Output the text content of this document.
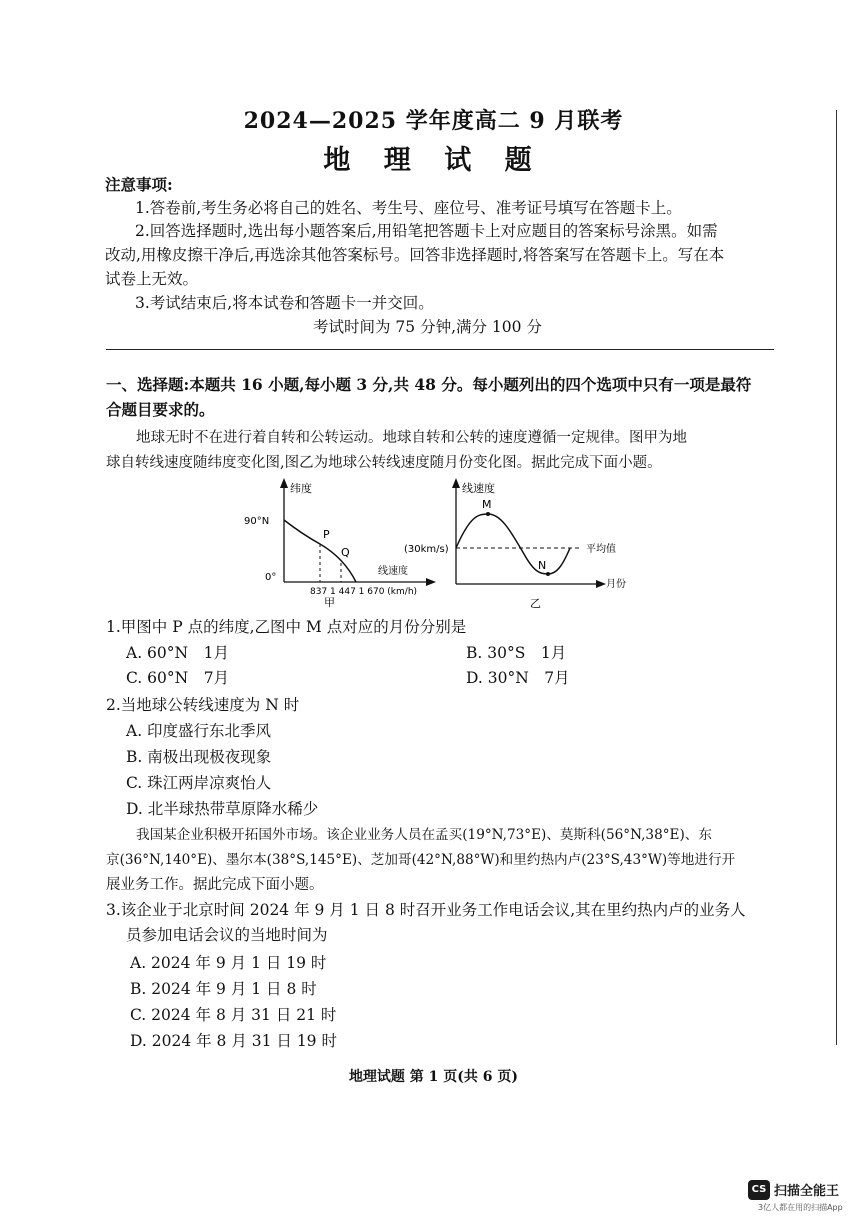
2024—2025 学年度高二 9 月联考
地 理 试 题
注意事项:
1.答卷前,考生务必将自己的姓名、考生号、座位号、准考证号填写在答题卡上。
2.回答选择题时,选出每小题答案后,用铅笔把答题卡上对应题目的答案标号涂黑。如需
改动,用橡皮擦干净后,再选涂其他答案标号。回答非选择题时,将答案写在答题卡上。写在本
试卷上无效。
3.考试结束后,将本试卷和答题卡一并交回。
考试时间为 75 分钟,满分 100 分
一、选择题:本题共 16 小题,每小题 3 分,共 48 分。每小题列出的四个选项中只有一项是最符
合题目要求的。
地球无时不在进行着自转和公转运动。地球自转和公转的速度遵循一定规律。图甲为地
球自转线速度随纬度变化图,图乙为地球公转线速度随月份变化图。据此完成下面小题。
纬度
90°N
0°
线速度
837 1 447 1 670 (km/h)
P
Q
甲
线速度
(30km/s)	平均值
月份
M
N
乙
1.甲图中 P 点的纬度,乙图中 M 点对应的月份分别是
A. 60°N　1月	B. 30°S　1月
C. 60°N　7月	D. 30°N　7月
2.当地球公转线速度为 N 时
A. 印度盛行东北季风
B. 南极出现极夜现象
C. 珠江两岸凉爽怡人
D. 北半球热带草原降水稀少
我国某企业积极开拓国外市场。该企业业务人员在孟买(19°N,73°E)、莫斯科(56°N,38°E)、东
京(36°N,140°E)、墨尔本(38°S,145°E)、芝加哥(42°N,88°W)和里约热内卢(23°S,43°W)等地进行开
展业务工作。据此完成下面小题。
3.该企业于北京时间 2024 年 9 月 1 日 8 时召开业务工作电话会议,其在里约热内卢的业务人
员参加电话会议的当地时间为
A. 2024 年 9 月 1 日 19 时
B. 2024 年 9 月 1 日 8 时
C. 2024 年 8 月 31 日 21 时
D. 2024 年 8 月 31 日 19 时
地理试题 第 1 页(共 6 页)
CS 扫描全能王
3亿人都在用的扫描App
